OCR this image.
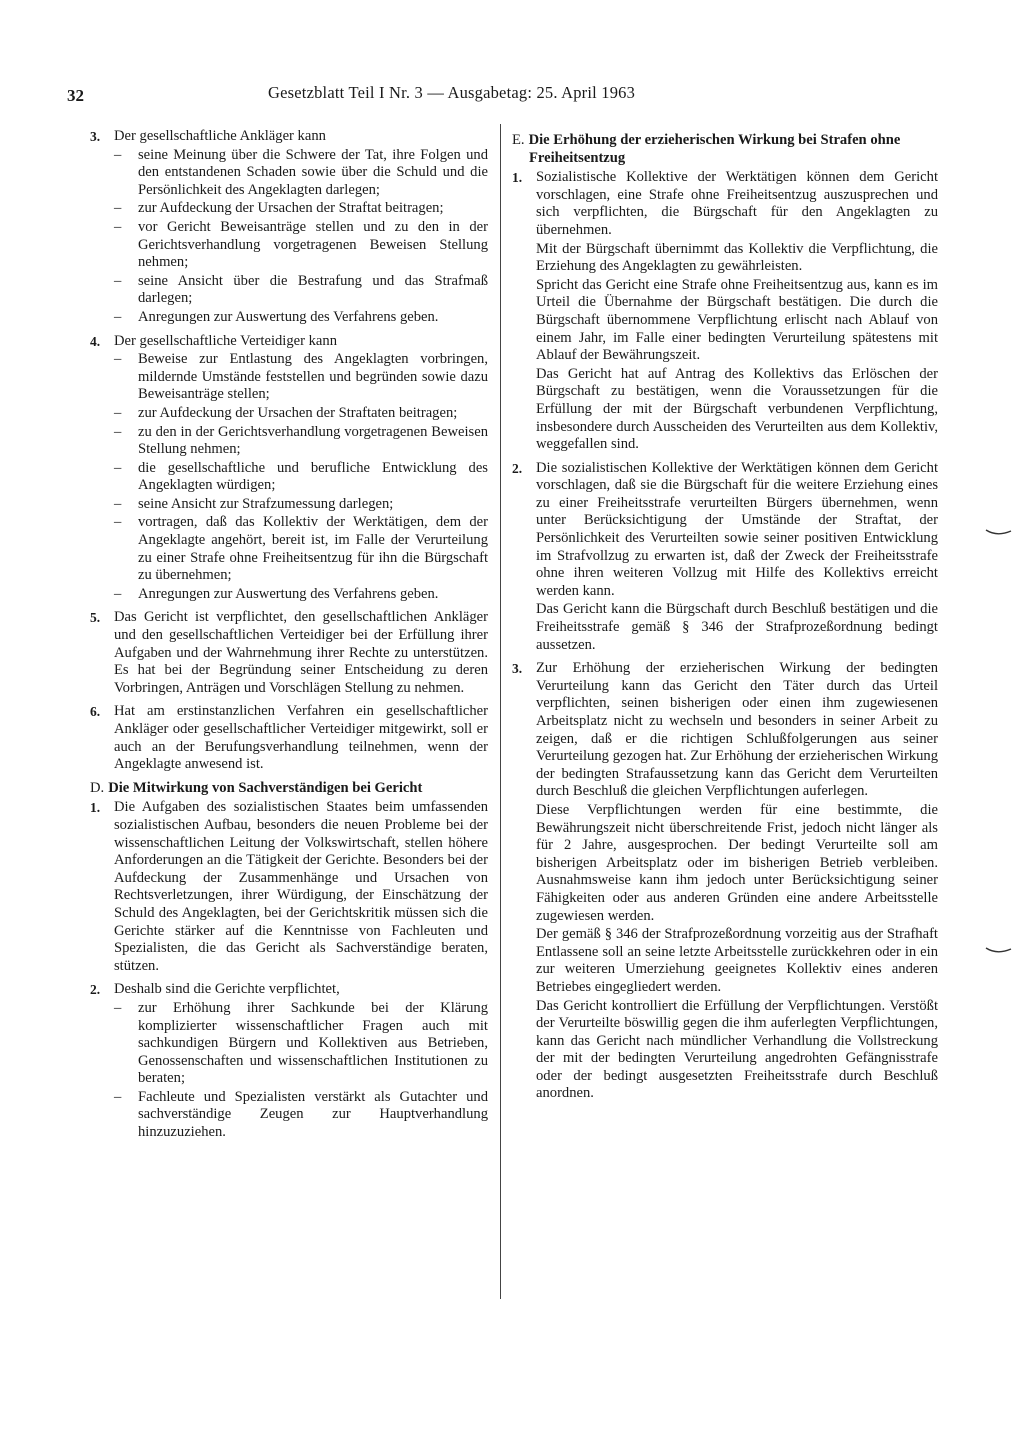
32	Gesetzblatt Teil I Nr. 3 — Ausgabetag: 25. April 1963
3. Der gesellschaftliche Ankläger kann
– seine Meinung über die Schwere der Tat, ihre Folgen und den entstandenen Schaden sowie über die Schuld und die Persönlichkeit des Angeklagten darlegen;
– zur Aufdeckung der Ursachen der Straftat beitragen;
– vor Gericht Beweisanträge stellen und zu den in der Gerichtsverhandlung vorgetragenen Beweisen Stellung nehmen;
– seine Ansicht über die Bestrafung und das Strafmaß darlegen;
– Anregungen zur Auswertung des Verfahrens geben.
4. Der gesellschaftliche Verteidiger kann
– Beweise zur Entlastung des Angeklagten vorbringen, mildernde Umstände feststellen und begründen sowie dazu Beweisanträge stellen;
– zur Aufdeckung der Ursachen der Straftaten beitragen;
– zu den in der Gerichtsverhandlung vorgetragenen Beweisen Stellung nehmen;
– die gesellschaftliche und berufliche Entwicklung des Angeklagten würdigen;
– seine Ansicht zur Strafzumessung darlegen;
– vortragen, daß das Kollektiv der Werktätigen, dem der Angeklagte angehört, bereit ist, im Falle der Verurteilung zu einer Strafe ohne Freiheitsentzug für ihn die Bürgschaft zu übernehmen;
– Anregungen zur Auswertung des Verfahrens geben.
5. Das Gericht ist verpflichtet, den gesellschaftlichen Ankläger und den gesellschaftlichen Verteidiger bei der Erfüllung ihrer Aufgaben und der Wahrnehmung ihrer Rechte zu unterstützen. Es hat bei der Begründung seiner Entscheidung zu deren Vorbringen, Anträgen und Vorschlägen Stellung zu nehmen.
6. Hat am erstinstanzlichen Verfahren ein gesellschaftlicher Ankläger oder gesellschaftlicher Verteidiger mitgewirkt, soll er auch an der Berufungsverhandlung teilnehmen, wenn der Angeklagte anwesend ist.
D. Die Mitwirkung von Sachverständigen bei Gericht
1. Die Aufgaben des sozialistischen Staates beim umfassenden sozialistischen Aufbau, besonders die neuen Probleme bei der wissenschaftlichen Leitung der Volkswirtschaft, stellen höhere Anforderungen an die Tätigkeit der Gerichte. Besonders bei der Aufdeckung der Zusammenhänge und Ursachen von Rechtsverletzungen, ihrer Würdigung, der Einschätzung der Schuld des Angeklagten, bei der Gerichtskritik müssen sich die Gerichte stärker auf die Kenntnisse von Fachleuten und Spezialisten, die das Gericht als Sachverständige beraten, stützen.
2. Deshalb sind die Gerichte verpflichtet,
– zur Erhöhung ihrer Sachkunde bei der Klärung komplizierter wissenschaftlicher Fragen auch mit sachkundigen Bürgern und Kollektiven aus Betrieben, Genossenschaften und wissenschaftlichen Institutionen zu beraten;
– Fachleute und Spezialisten verstärkt als Gutachter und sachverständige Zeugen zur Hauptverhandlung hinzuzuziehen.
E. Die Erhöhung der erzieherischen Wirkung bei Strafen ohne Freiheitsentzug
1. Sozialistische Kollektive der Werktätigen können dem Gericht vorschlagen, eine Strafe ohne Freiheitsentzug auszusprechen und sich verpflichten, die Bürgschaft für den Angeklagten zu übernehmen.
Mit der Bürgschaft übernimmt das Kollektiv die Verpflichtung, die Erziehung des Angeklagten zu gewährleisten.
Spricht das Gericht eine Strafe ohne Freiheitsentzug aus, kann es im Urteil die Übernahme der Bürgschaft bestätigen. Die durch die Bürgschaft übernommene Verpflichtung erlischt nach Ablauf von einem Jahr, im Falle einer bedingten Verurteilung spätestens mit Ablauf der Bewährungszeit.
Das Gericht hat auf Antrag des Kollektivs das Erlöschen der Bürgschaft zu bestätigen, wenn die Voraussetzungen für die Erfüllung der mit der Bürgschaft verbundenen Verpflichtung, insbesondere durch Ausscheiden des Verurteilten aus dem Kollektiv, weggefallen sind.
2. Die sozialistischen Kollektive der Werktätigen können dem Gericht vorschlagen, daß sie die Bürgschaft für die weitere Erziehung eines zu einer Freiheitsstrafe verurteilten Bürgers übernehmen, wenn unter Berücksichtigung der Umstände der Straftat, der Persönlichkeit des Verurteilten sowie seiner positiven Entwicklung im Strafvollzug zu erwarten ist, daß der Zweck der Freiheitsstrafe ohne ihren weiteren Vollzug mit Hilfe des Kollektivs erreicht werden kann.
Das Gericht kann die Bürgschaft durch Beschluß bestätigen und die Freiheitsstrafe gemäß § 346 der Strafprozeßordnung bedingt aussetzen.
3. Zur Erhöhung der erzieherischen Wirkung der bedingten Verurteilung kann das Gericht den Täter durch das Urteil verpflichten, seinen bisherigen oder einen ihm zugewiesenen Arbeitsplatz nicht zu wechseln und besonders in seiner Arbeit zu zeigen, daß er die richtigen Schlußfolgerungen aus seiner Verurteilung gezogen hat. Zur Erhöhung der erzieherischen Wirkung der bedingten Strafaussetzung kann das Gericht dem Verurteilten durch Beschluß die gleichen Verpflichtungen auferlegen.
Diese Verpflichtungen werden für eine bestimmte, die Bewährungszeit nicht überschreitende Frist, jedoch nicht länger als für 2 Jahre, ausgesprochen. Der bedingt Verurteilte soll am bisherigen Arbeitsplatz oder im bisherigen Betrieb verbleiben. Ausnahmsweise kann ihm jedoch unter Berücksichtigung seiner Fähigkeiten oder aus anderen Gründen eine andere Arbeitsstelle zugewiesen werden.
Der gemäß § 346 der Strafprozeßordnung vorzeitig aus der Strafhaft Entlassene soll an seine letzte Arbeitsstelle zurückkehren oder in ein zur weiteren Umerziehung geeignetes Kollektiv eines anderen Betriebes eingegliedert werden.
Das Gericht kontrolliert die Erfüllung der Verpflichtungen. Verstößt der Verurteilte böswillig gegen die ihm auferlegten Verpflichtungen, kann das Gericht nach mündlicher Verhandlung die Vollstreckung der mit der bedingten Verurteilung angedrohten Gefängnisstrafe oder der bedingt ausgesetzten Freiheitsstrafe durch Beschluß anordnen.
